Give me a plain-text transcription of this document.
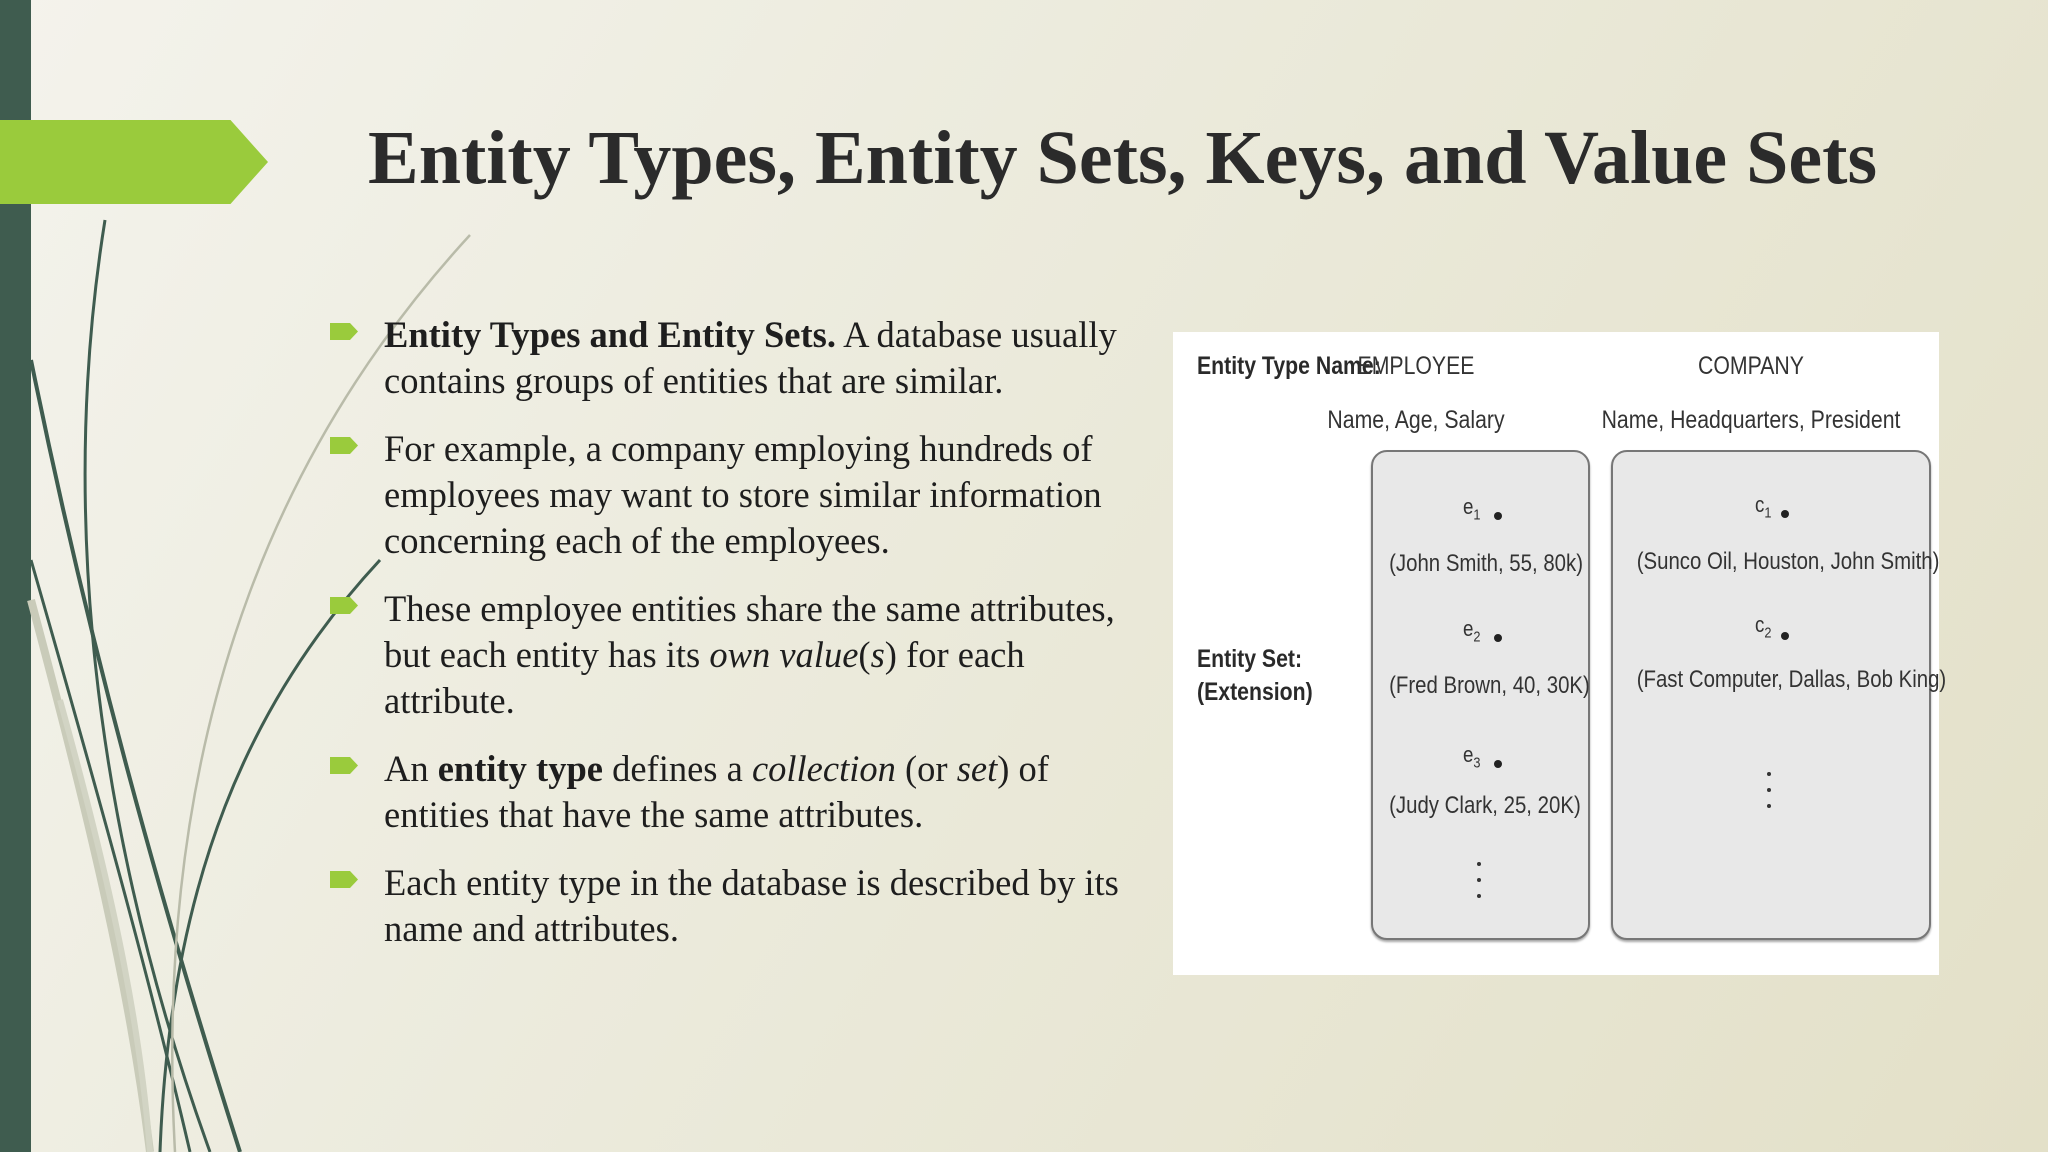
Entity Types, Entity Sets, Keys, and Value Sets
Entity Types and Entity Sets. A database usually contains groups of entities that are similar.
For example, a company employing hundreds of employees may want to store similar information concerning each of the employees.
These employee entities share the same attributes, but each entity has its own value(s) for each attribute.
An entity type defines a collection (or set) of entities that have the same attributes.
Each entity type in the database is described by its name and attributes.
Entity Type Name:
Entity Set:
(Extension)
EMPLOYEE
Name, Age, Salary
COMPANY
Name, Headquarters, President
$e_1$
(John Smith, 55, 80k)
$e_2$
(Fred Brown, 40, 30K)
$e_3$
(Judy Clark, 25, 20K)
$c_1$
(Sunco Oil, Houston, John Smith)
$c_2$
(Fast Computer, Dallas, Bob King)
